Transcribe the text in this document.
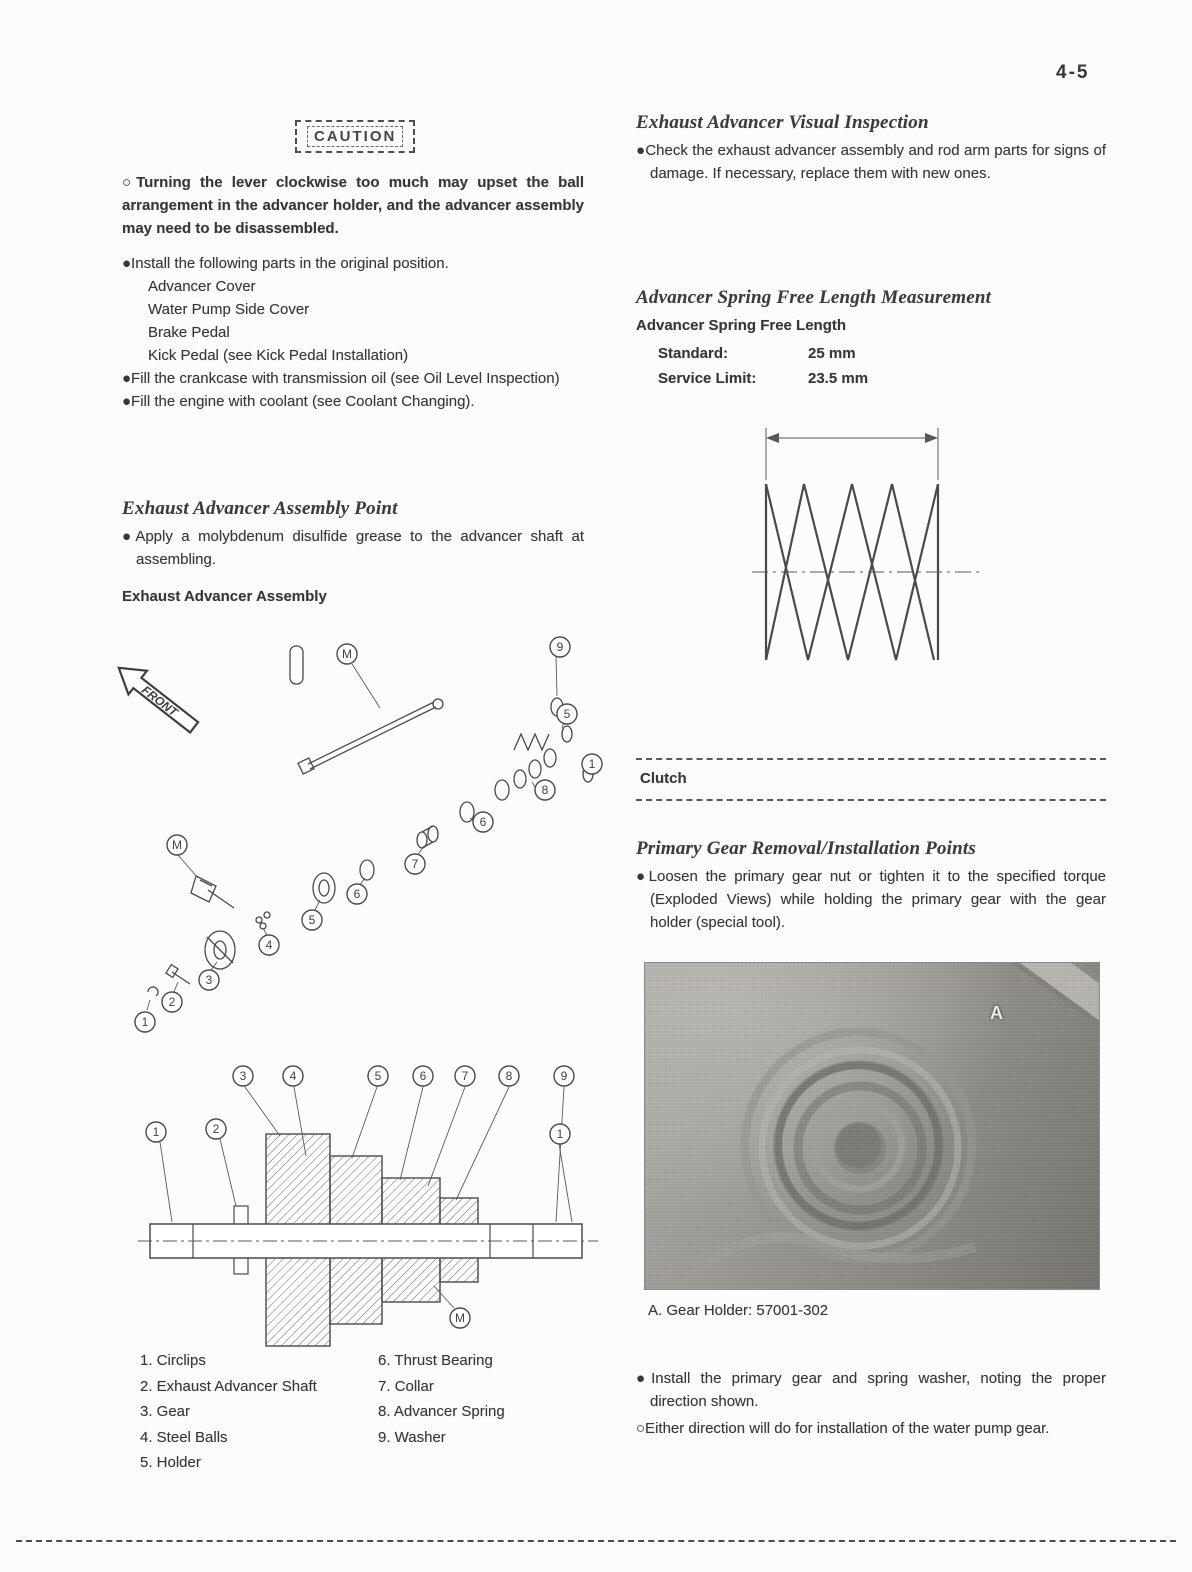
4-5
CAUTION
○Turning the lever clockwise too much may upset the ball arrangement in the advancer holder, and the advancer assembly may need to be disassembled.
●Install the following parts in the original position.
Advancer Cover
Water Pump Side Cover
Brake Pedal
Kick Pedal (see Kick Pedal Installation)
●Fill the crankcase with transmission oil (see Oil Level Inspection)
●Fill the engine with coolant (see Coolant Changing).
Exhaust Advancer Assembly Point
●Apply a molybdenum disulfide grease to the advancer shaft at assembling.
Exhaust Advancer Assembly
FRONT
M	9
5
1
8
6
7
6
5
4
3
2
1
M
3	4	5	6	7	8	9
1	2	1
M
1. Circlips
2. Exhaust Advancer Shaft
3. Gear
4. Steel Balls
5. Holder
6. Thrust Bearing
7. Collar
8. Advancer Spring
9. Washer
Exhaust Advancer Visual Inspection
●Check the exhaust advancer assembly and rod arm parts for signs of damage. If necessary, replace them with new ones.
Advancer Spring Free Length Measurement
Advancer Spring Free Length
Standard:	25 mm
Service Limit:	23.5 mm
Clutch
Primary Gear Removal/Installation Points
●Loosen the primary gear nut or tighten it to the specified torque (Exploded Views) while holding the primary gear with the gear holder (special tool).
A
A. Gear Holder: 57001-302
●Install the primary gear and spring washer, noting the proper direction shown.
○Either direction will do for installation of the water pump gear.
